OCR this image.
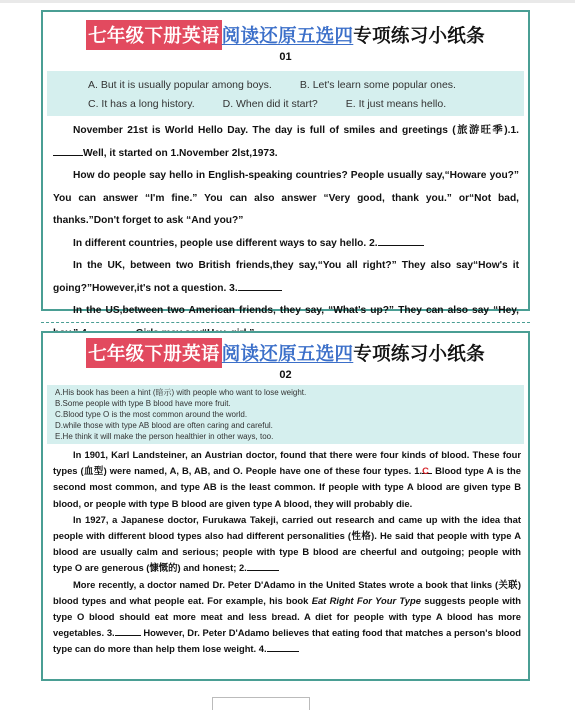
七年级下册英语 阅读还原五选四 专项练习小纸条
01
A. But it is usually popular among boys.	B. Let's learn some popular ones.
C. It has a long history.	D. When did it start?	E. It just means hello.

November 21st is World Hello Day. The day is full of smiles and greetings (旅游旺季).1.Well, it started on 1.November 2lst,1973.

How do people say hello in English-speaking countries? People usually say,“Howare you?” You can answer “I'm fine.” You can also answer “Very good, thank you.” or“Not bad, thanks.”Don't forget to ask “And you?”

In different countries, people use different ways to say hello. 2.

In the UK, between two British friends,they say,“You all right?” They also say“How's it going?”However,it's not a question. 3.

In the US,between two American friends, they say, “What's up?” They can also say “Hey,

七年级下册英语 阅读还原五选四 专项练习小纸条
02
A.His book has been a hint (暗示) with people who want to lose weight.
B.Some people with type B blood have more fruit.
C.Blood type O is the most common around the world.
D.while those with type AB blood are often caring and careful.
E.He think it will make the person healthier in other ways, too.

In 1901, Karl Landsteiner, an Austrian doctor, found that there were four kinds of blood. These four types (血型) were named, A, B, AB, and O. People have one of these four types. 1.C Blood type A is the second most common, and type AB is the least common. If people with type A blood are given type B blood, or people with type B blood are given type A blood, they will probably die.

In 1927, a Japanese doctor, Furukawa Takeji, carried out research and came up with the idea that people with different blood types also had different personalities (性格). He said that people with type A blood are usually calm and serious; people with type B blood are cheerful and outgoing; people with type O are generous (慷慨的) and honest; 2.

More recently, a doctor named Dr. Peter D'Adamo in the United States wrote a book that links (关联) blood types and what people eat. For example, his book Eat Right For Your Type suggests people with type O blood should eat more meat and less bread. A diet for people with type A blood has more vegetables. 3.	However, Dr. Peter D'Adamo believes that eating food that matches a person's blood type can do more than help them lose weight. 4.
